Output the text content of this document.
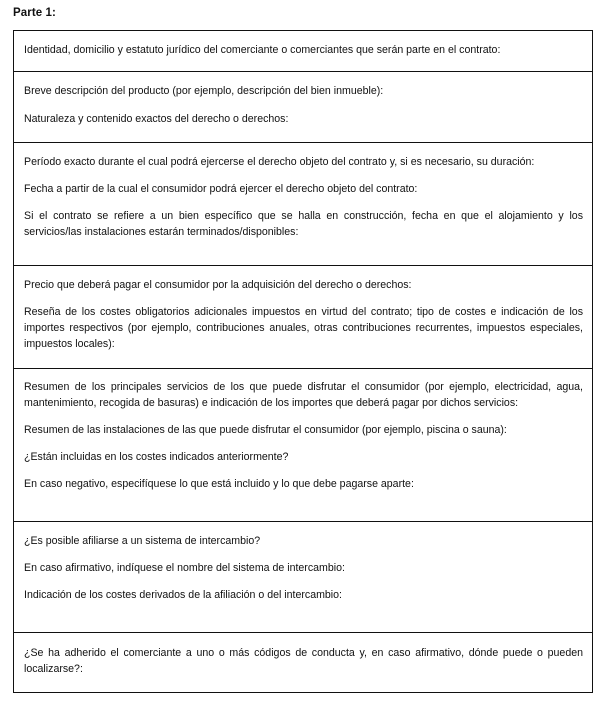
Parte 1:

Identidad, domicilio y estatuto jurídico del comerciante o comerciantes que serán parte en el contrato:

Breve descripción del producto (por ejemplo, descripción del bien inmueble):

Naturaleza y contenido exactos del derecho o derechos:

Período exacto durante el cual podrá ejercerse el derecho objeto del contrato y, si es necesario, su duración:

Fecha a partir de la cual el consumidor podrá ejercer el derecho objeto del contrato:

Si el contrato se refiere a un bien específico que se halla en construcción, fecha en que el alojamiento y los servicios/las instalaciones estarán terminados/disponibles:

Precio que deberá pagar el consumidor por la adquisición del derecho o derechos:

Reseña de los costes obligatorios adicionales impuestos en virtud del contrato; tipo de costes e indicación de los importes respectivos (por ejemplo, contribuciones anuales, otras contribuciones recurrentes, impuestos especiales, impuestos locales):

Resumen de los principales servicios de los que puede disfrutar el consumidor (por ejemplo, electricidad, agua, mantenimiento, recogida de basuras) e indicación de los importes que deberá pagar por dichos servicios:

Resumen de las instalaciones de las que puede disfrutar el consumidor (por ejemplo, piscina o sauna):

¿Están incluidas en los costes indicados anteriormente?

En caso negativo, especifíquese lo que está incluido y lo que debe pagarse aparte:

¿Es posible afiliarse a un sistema de intercambio?

En caso afirmativo, indíquese el nombre del sistema de intercambio:

Indicación de los costes derivados de la afiliación o del intercambio:

¿Se ha adherido el comerciante a uno o más códigos de conducta y, en caso afirmativo, dónde puede o pueden localizarse?:
